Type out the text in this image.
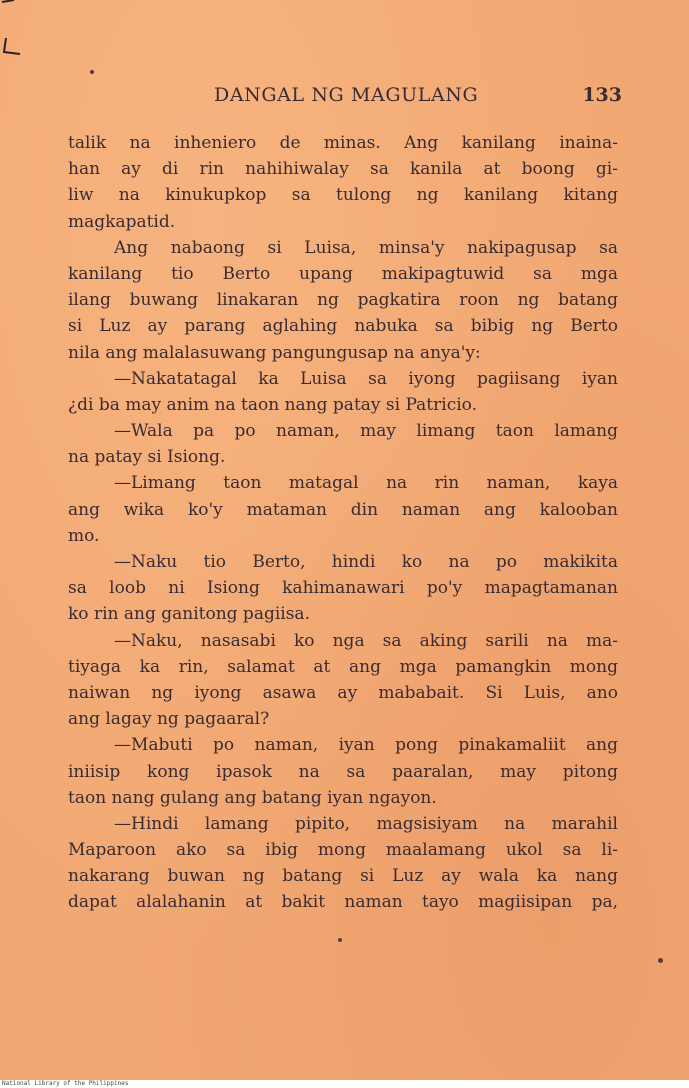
DANGAL NG MAGULANG	133
talik na inhеniero de minas. Ang kanilang inaina-
han ay di rin nahihiwalay sa kanila at boong gi-
liw na kinukupkop sa tulong ng kanilang kitang
magkapatid.
Ang nabaong si Luisa, minsa'y nakipagusap sa
kanilang tio Berto upang makipagtuwid sa mga
ilang buwang linakaran ng pagkatira roon ng batang
si Luz ay parang aglahing nabuka sa bibig ng Berto
nila ang malalasuwang pangungusap na anya'y:
—Nakatatagal ka Luisa sa iyong pagiisang iyan
¿di ba may anim na taon nang patay si Patricio.
—Wala pa po naman, may limang taon lamang
na patay si Isiong.
—Limang taon matagal na rin naman, kaya
ang wika ko'y mataman din naman ang kalooban
mo.
—Naku tio Berto, hindi ko na po makikita
sa loob ni Isiong kahimanawari po'y mapagtamanan
ko rin ang ganitong pagiisa.
—Naku, nasasabi ko nga sa aking sarili na ma-
tiyaga ka rin, salamat at ang mga pamangkin mong
naiwan ng iyong asawa ay mababait. Si Luis, ano
ang lagay ng pagaaral?
—Mabuti po naman, iyan pong pinakamaliit ang
iniisip kong ipasok na sa paaralan, may pitong
taon nang gulang ang batang iyan ngayon.
—Hindi lamang pipito, magsisiyam na marahil
Maparoon ako sa ibig mong maalamang ukol sa li-
nakarang buwan ng batang si Luz ay wala ka nang
dapat alalahanin at bakit naman tayo magiisipan pa,
National Library of the Philippines
